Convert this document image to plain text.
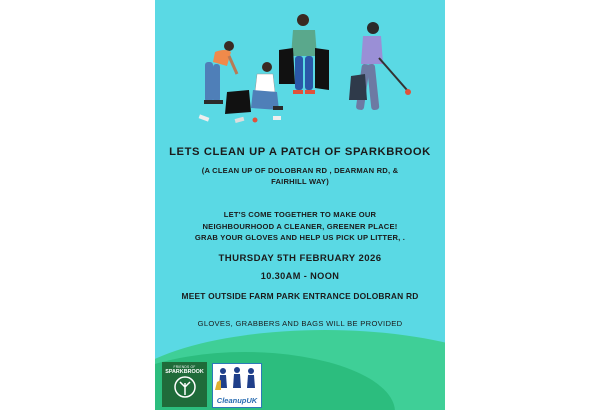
LETS CLEAN UP A PATCH OF SPARKBROOK
(A CLEAN UP OF DOLOBRAN RD , DEARMAN RD, &
FAIRHILL WAY)
LET'S COME TOGETHER TO MAKE OUR
NEIGHBOURHOOD A CLEANER, GREENER PLACE!
GRAB YOUR GLOVES AND HELP US PICK UP LITTER, .
THURSDAY 5TH FEBRUARY 2026
10.30AM - NOON
MEET OUTSIDE FARM PARK ENTRANCE DOLOBRAN RD
GLOVES, GRABBERS AND BAGS WILL BE PROVIDED
FRIENDS OF
SPARKBROOK
CleanupUK
